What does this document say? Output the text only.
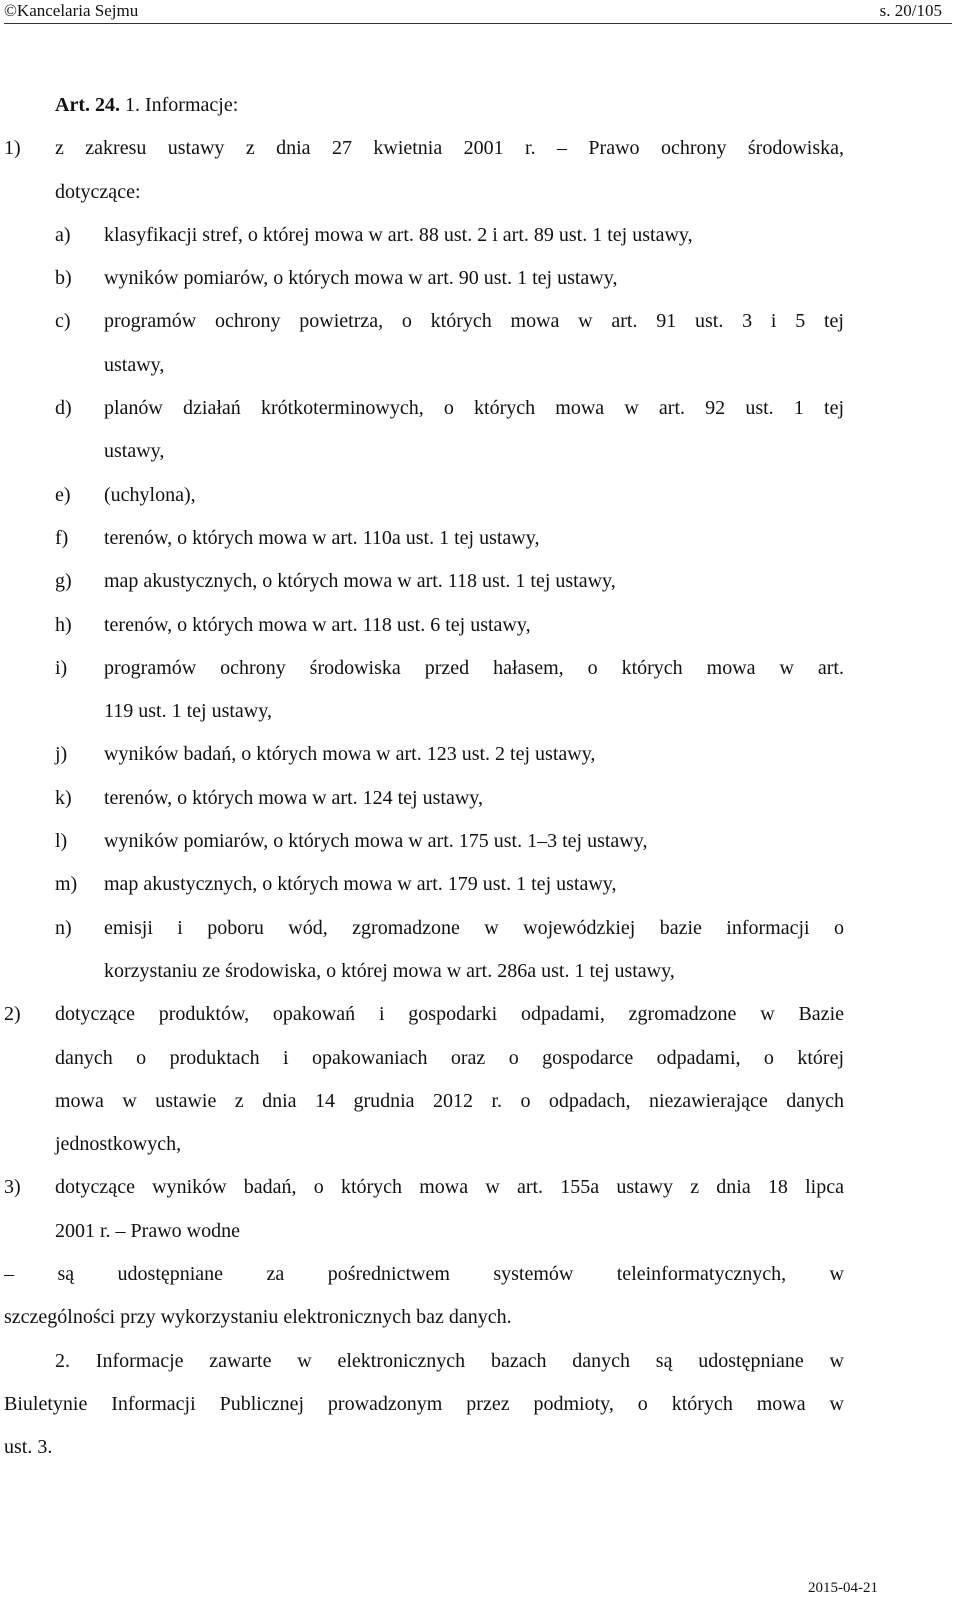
©Kancelaria Sejmu	s. 20/105
Art. 24. 1. Informacje:
1) z zakresu ustawy z dnia 27 kwietnia 2001 r. – Prawo ochrony środowiska,
dotyczące:
a) klasyfikacji stref, o której mowa w art. 88 ust. 2 i art. 89 ust. 1 tej ustawy,
b) wyników pomiarów, o których mowa w art. 90 ust. 1 tej ustawy,
c) programów ochrony powietrza, o których mowa w art. 91 ust. 3 i 5 tej
ustawy,
d) planów działań krótkoterminowych, o których mowa w art. 92 ust. 1 tej
ustawy,
e) (uchylona),
f) terenów, o których mowa w art. 110a ust. 1 tej ustawy,
g) map akustycznych, o których mowa w art. 118 ust. 1 tej ustawy,
h) terenów, o których mowa w art. 118 ust. 6 tej ustawy,
i) programów ochrony środowiska przed hałasem, o których mowa w art.
119 ust. 1 tej ustawy,
j) wyników badań, o których mowa w art. 123 ust. 2 tej ustawy,
k) terenów, o których mowa w art. 124 tej ustawy,
l) wyników pomiarów, o których mowa w art. 175 ust. 1–3 tej ustawy,
m) map akustycznych, o których mowa w art. 179 ust. 1 tej ustawy,
n) emisji i poboru wód, zgromadzone w wojewódzkiej bazie informacji o
korzystaniu ze środowiska, o której mowa w art. 286a ust. 1 tej ustawy,
2) dotyczące produktów, opakowań i gospodarki odpadami, zgromadzone w Bazie
danych o produktach i opakowaniach oraz o gospodarce odpadami, o której
mowa w ustawie z dnia 14 grudnia 2012 r. o odpadach, niezawierające danych
jednostkowych,
3) dotyczące wyników badań, o których mowa w art. 155a ustawy z dnia 18 lipca
2001 r. – Prawo wodne
– są udostępniane za pośrednictwem systemów teleinformatycznych, w
szczególności przy wykorzystaniu elektronicznych baz danych.
2. Informacje zawarte w elektronicznych bazach danych są udostępniane w
Biuletynie Informacji Publicznej prowadzonym przez podmioty, o których mowa w
ust. 3.
2015-04-21
